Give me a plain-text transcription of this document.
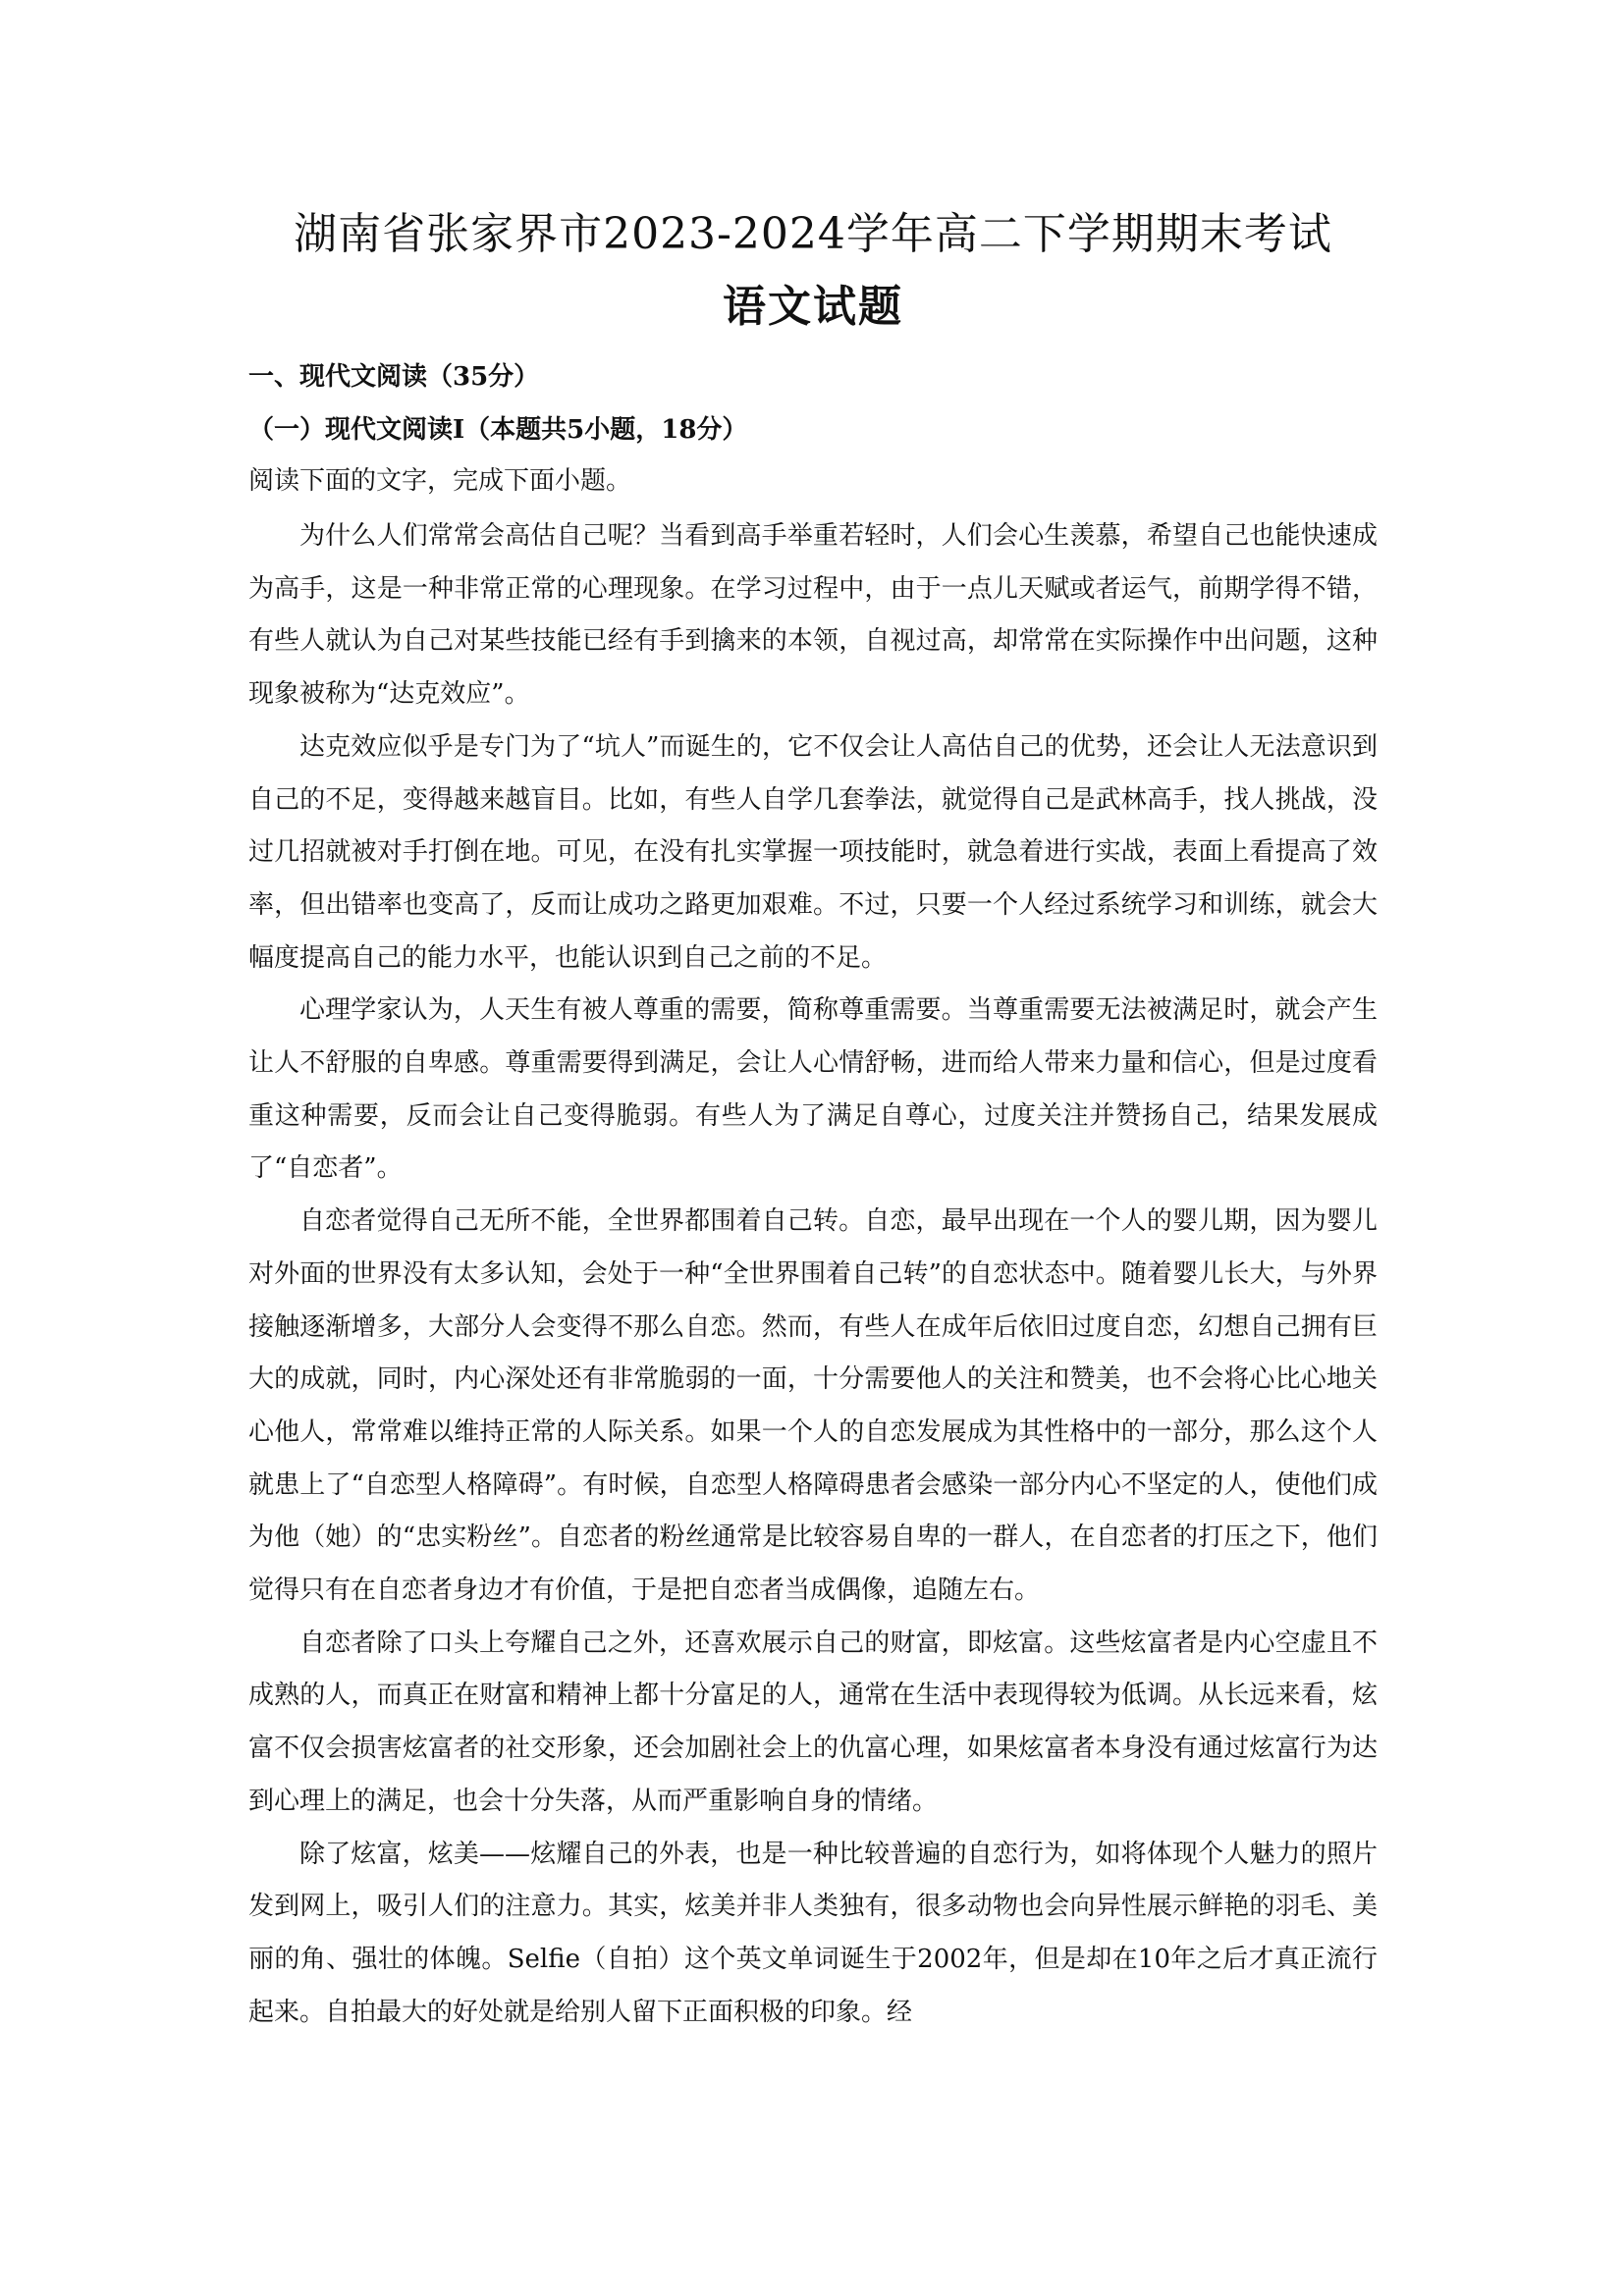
湖南省张家界市2023-2024学年高二下学期期末考试
语文试题

一、现代文阅读（35分）

（一）现代文阅读Ⅰ（本题共5小题，18分）

阅读下面的文字，完成下面小题。

为什么人们常常会高估自己呢？当看到高手举重若轻时，人们会心生羡慕，希望自己也能快速成为高手，这是一种非常正常的心理现象。在学习过程中，由于一点儿天赋或者运气，前期学得不错，有些人就认为自己对某些技能已经有手到擒来的本领，自视过高，却常常在实际操作中出问题，这种现象被称为“达克效应”。

达克效应似乎是专门为了“坑人”而诞生的，它不仅会让人高估自己的优势，还会让人无法意识到自己的不足，变得越来越盲目。比如，有些人自学几套拳法，就觉得自己是武林高手，找人挑战，没过几招就被对手打倒在地。可见，在没有扎实掌握一项技能时，就急着进行实战，表面上看提高了效率，但出错率也变高了，反而让成功之路更加艰难。不过，只要一个人经过系统学习和训练，就会大幅度提高自己的能力水平，也能认识到自己之前的不足。

心理学家认为，人天生有被人尊重的需要，简称尊重需要。当尊重需要无法被满足时，就会产生让人不舒服的自卑感。尊重需要得到满足，会让人心情舒畅，进而给人带来力量和信心，但是过度看重这种需要，反而会让自己变得脆弱。有些人为了满足自尊心，过度关注并赞扬自己，结果发展成了“自恋者”。

自恋者觉得自己无所不能，全世界都围着自己转。自恋，最早出现在一个人的婴儿期，因为婴儿对外面的世界没有太多认知，会处于一种“全世界围着自己转”的自恋状态中。随着婴儿长大，与外界接触逐渐增多，大部分人会变得不那么自恋。然而，有些人在成年后依旧过度自恋，幻想自己拥有巨大的成就，同时，内心深处还有非常脆弱的一面，十分需要他人的关注和赞美，也不会将心比心地关心他人，常常难以维持正常的人际关系。如果一个人的自恋发展成为其性格中的一部分，那么这个人就患上了“自恋型人格障碍”。有时候，自恋型人格障碍患者会感染一部分内心不坚定的人，使他们成为他（她）的“忠实粉丝”。自恋者的粉丝通常是比较容易自卑的一群人，在自恋者的打压之下，他们觉得只有在自恋者身边才有价值，于是把自恋者当成偶像，追随左右。

自恋者除了口头上夸耀自己之外，还喜欢展示自己的财富，即炫富。这些炫富者是内心空虚且不成熟的人，而真正在财富和精神上都十分富足的人，通常在生活中表现得较为低调。从长远来看，炫富不仅会损害炫富者的社交形象，还会加剧社会上的仇富心理，如果炫富者本身没有通过炫富行为达到心理上的满足，也会十分失落，从而严重影响自身的情绪。

除了炫富，炫美——炫耀自己的外表，也是一种比较普遍的自恋行为，如将体现个人魅力的照片发到网上，吸引人们的注意力。其实，炫美并非人类独有，很多动物也会向异性展示鲜艳的羽毛、美丽的角、强壮的体魄。Selfie（自拍）这个英文单词诞生于2002年，但是却在10年之后才真正流行起来。自拍最大的好处就是给别人留下正面积极的印象。经
